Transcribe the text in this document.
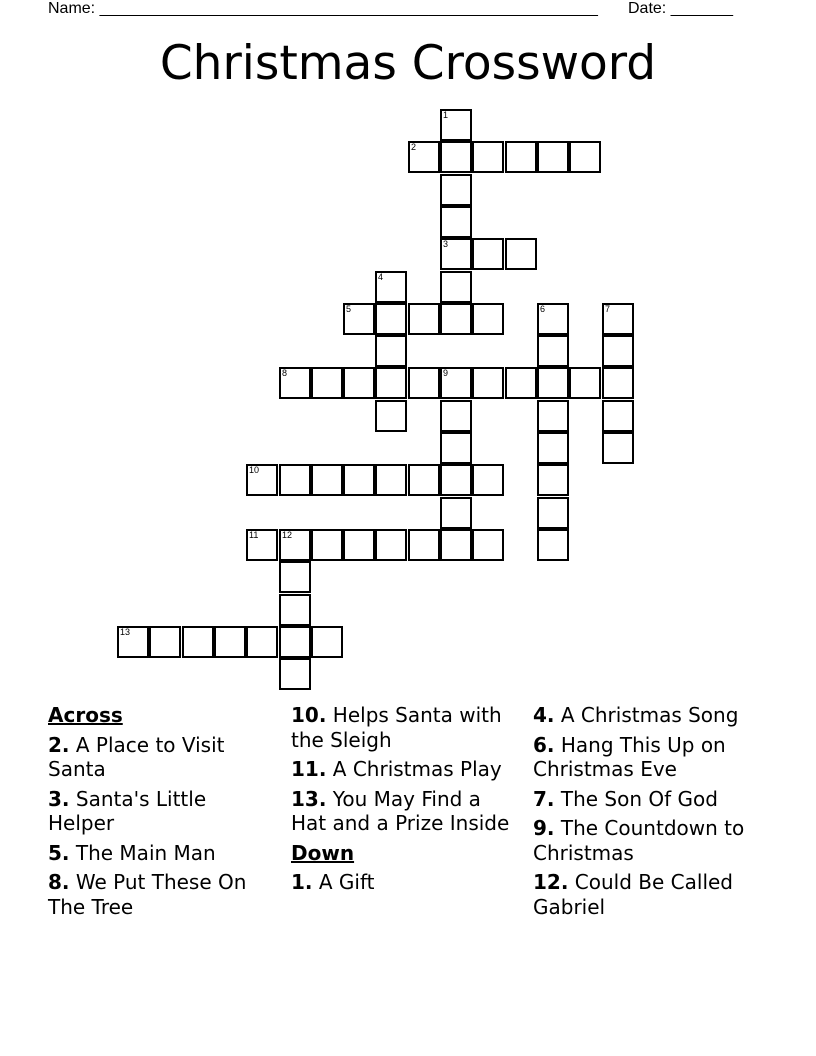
Name: ________________________________________________________ Date: _______
Christmas Crossword
1
3
2
4
5	6	7
8	9
10
11	12
13
Across
2. A Place to Visit Santa
3. Santa's Little Helper
5. The Main Man
8. We Put These On The Tree
10. Helps Santa with the Sleigh
11. A Christmas Play
13. You May Find a Hat and a Prize Inside
Down
1. A Gift
4. A Christmas Song
6. Hang This Up on Christmas Eve
7. The Son Of God
9. The Countdown to Christmas
12. Could Be Called Gabriel
